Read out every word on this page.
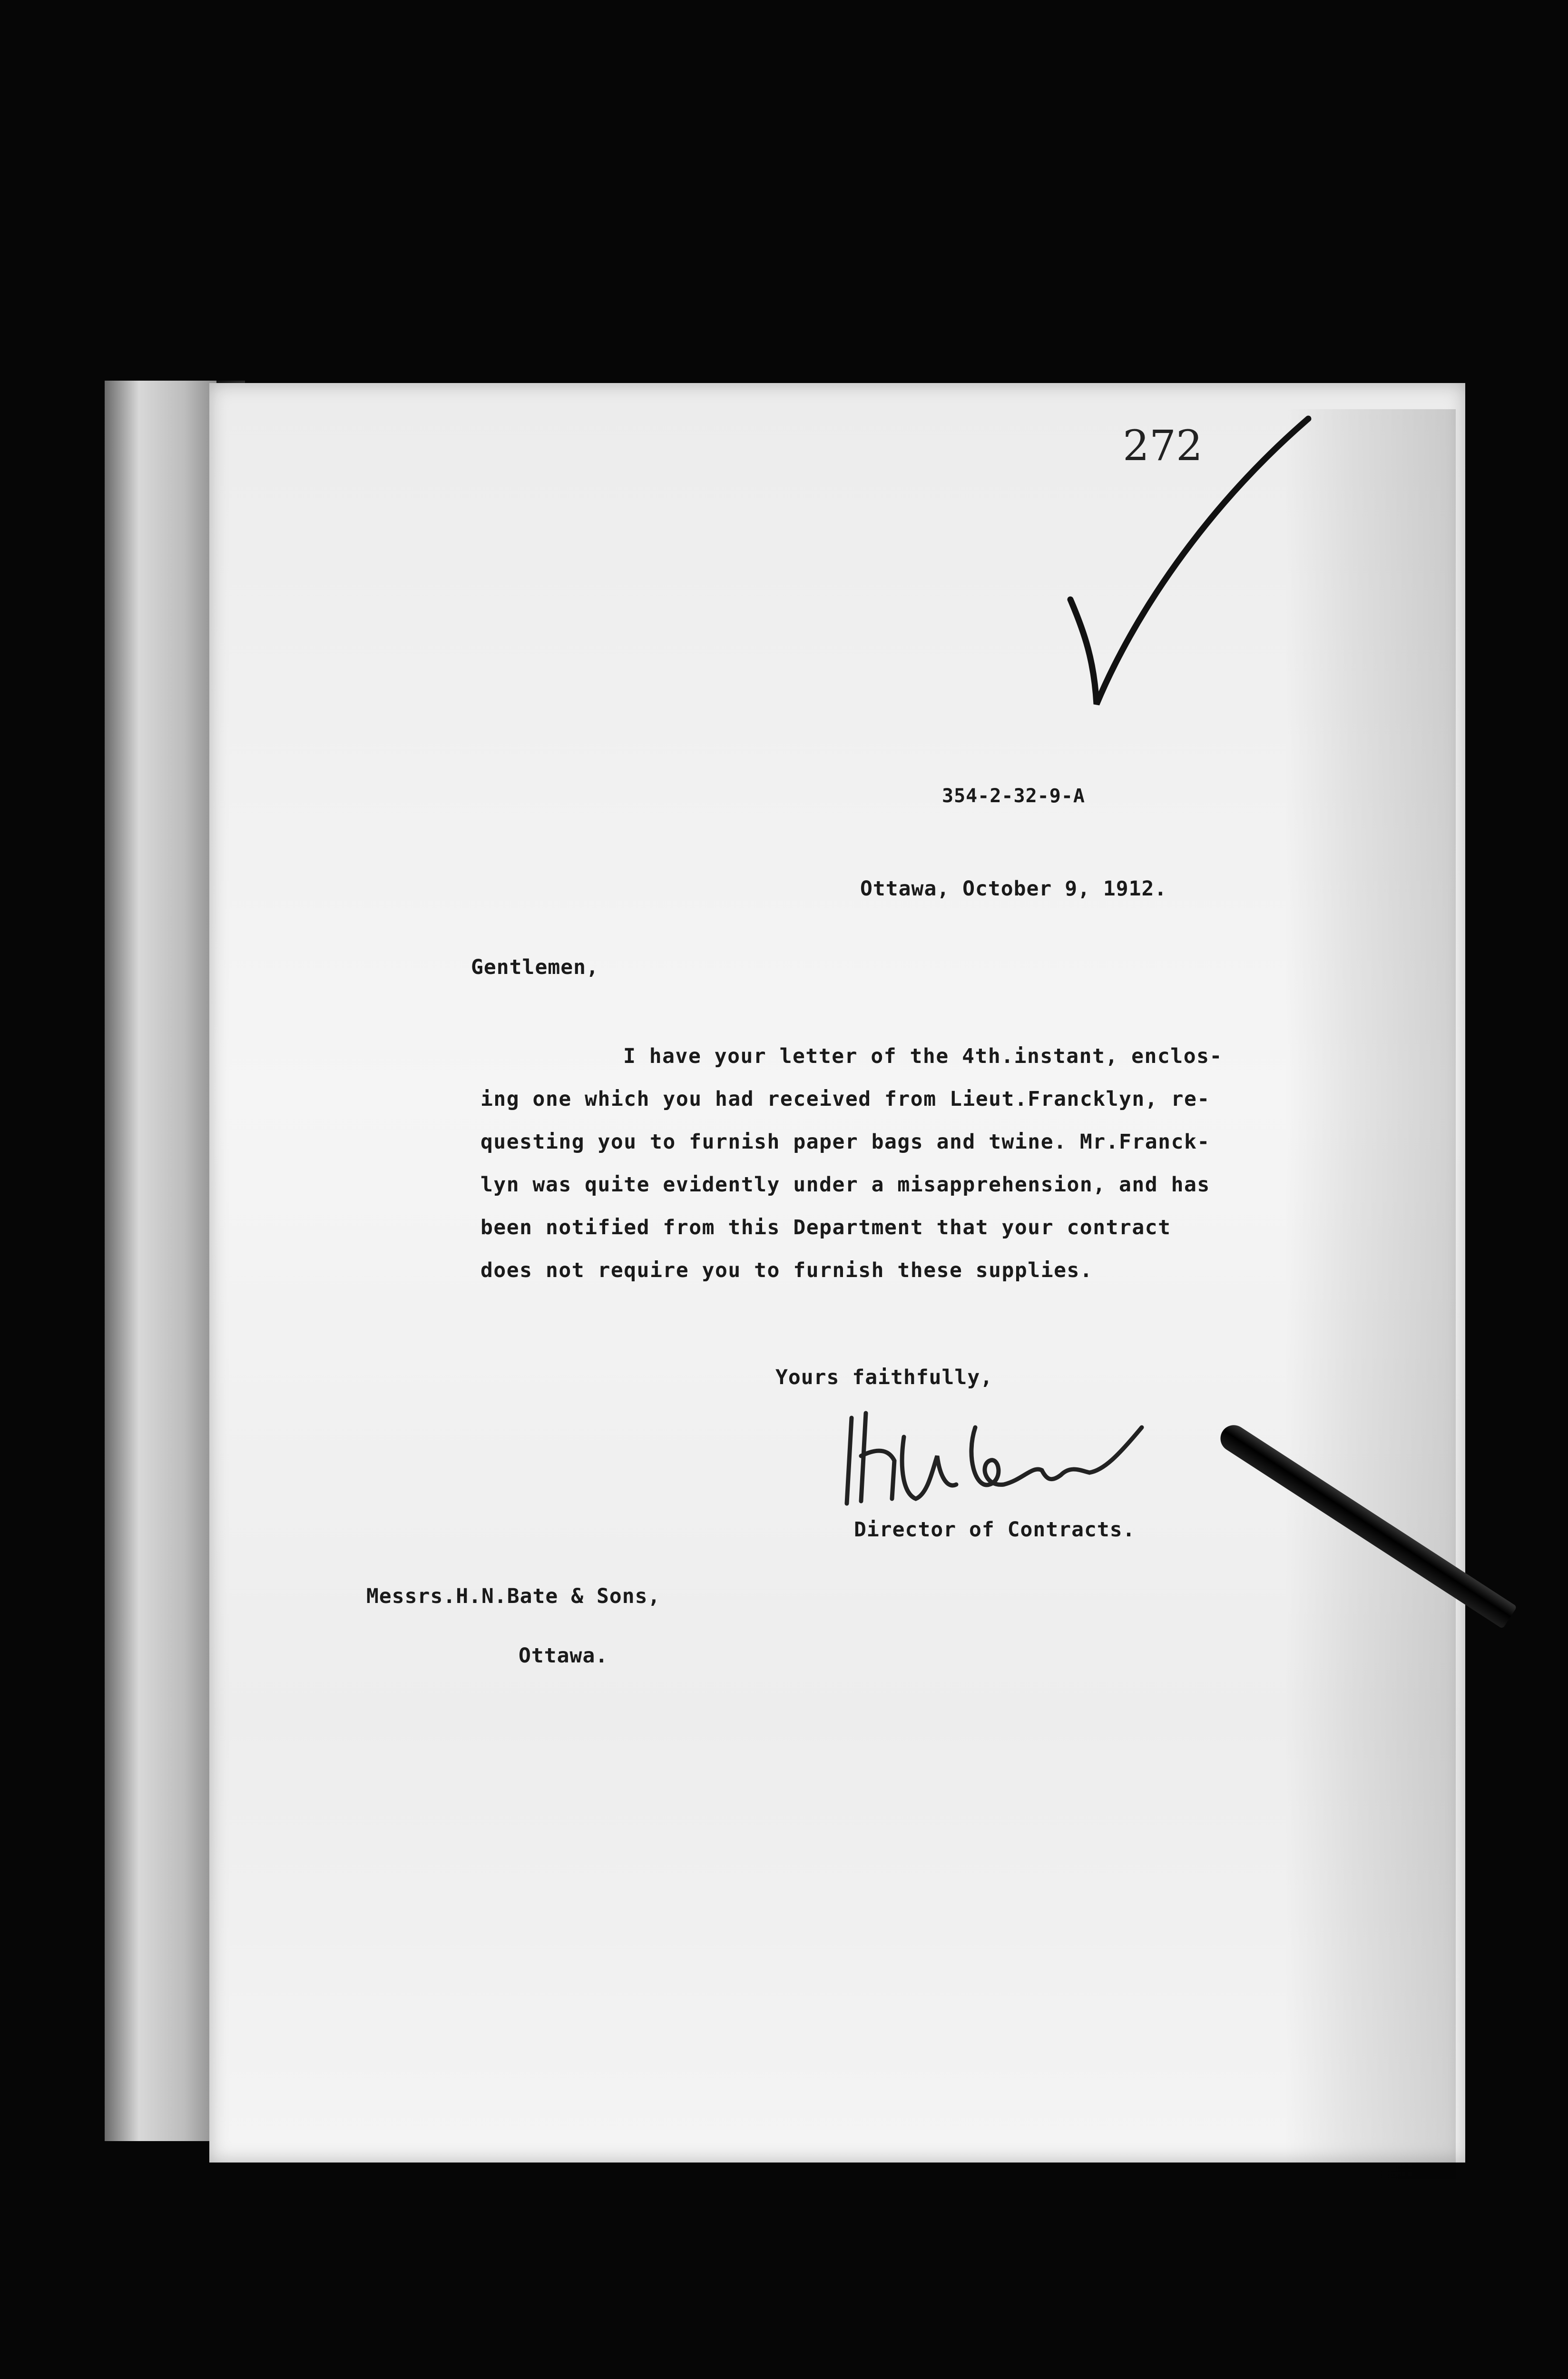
272
354-2-32-9-A
Ottawa, October 9, 1912.
Gentlemen,
I have your letter of the 4th.instant, enclos-
ing one which you had received from Lieut.Francklyn, re-
questing you to furnish paper bags and twine. Mr.Franck-
lyn was quite evidently under a misapprehension, and has
been notified from this Department that your contract
does not require you to furnish these supplies.
Yours faithfully,
Director of Contracts.
Messrs.H.N.Bate & Sons,
Ottawa.
